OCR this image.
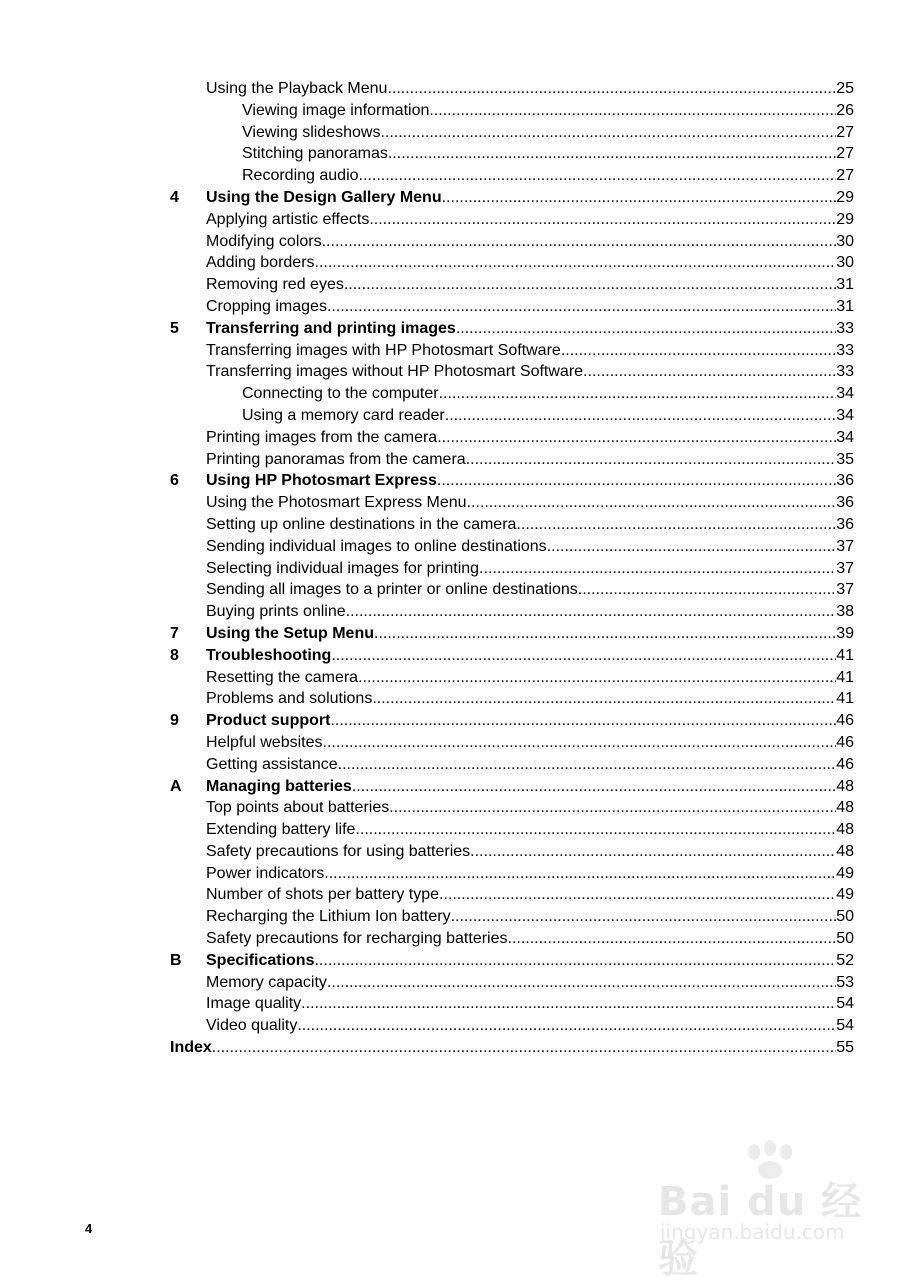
Using the Playback Menu .....	25
Viewing image information .....	26
Viewing slideshows .....	27
Stitching panoramas .....	27
Recording audio .....	27
4	Using the Design Gallery Menu .....	29
Applying artistic effects .....	29
Modifying colors .....	30
Adding borders .....	30
Removing red eyes .....	31
Cropping images .....	31
5	Transferring and printing images .....	33
Transferring images with HP Photosmart Software .....	33
Transferring images without HP Photosmart Software .....	33
Connecting to the computer .....	34
Using a memory card reader .....	34
Printing images from the camera .....	34
Printing panoramas from the camera .....	35
6	Using HP Photosmart Express .....	36
Using the Photosmart Express Menu .....	36
Setting up online destinations in the camera .....	36
Sending individual images to online destinations .....	37
Selecting individual images for printing .....	37
Sending all images to a printer or online destinations .....	37
Buying prints online .....	38
7	Using the Setup Menu .....	39
8	Troubleshooting .....	41
Resetting the camera .....	41
Problems and solutions .....	41
9	Product support .....	46
Helpful websites .....	46
Getting assistance .....	46
A	Managing batteries .....	48
Top points about batteries .....	48
Extending battery life .....	48
Safety precautions for using batteries .....	48
Power indicators .....	49
Number of shots per battery type .....	49
Recharging the Lithium Ion battery .....	50
Safety precautions for recharging batteries .....	50
B	Specifications .....	52
Memory capacity .....	53
Image quality .....	54
Video quality .....	54
Index .....	55
4
Bai du 经验
jingyan.baidu.com
